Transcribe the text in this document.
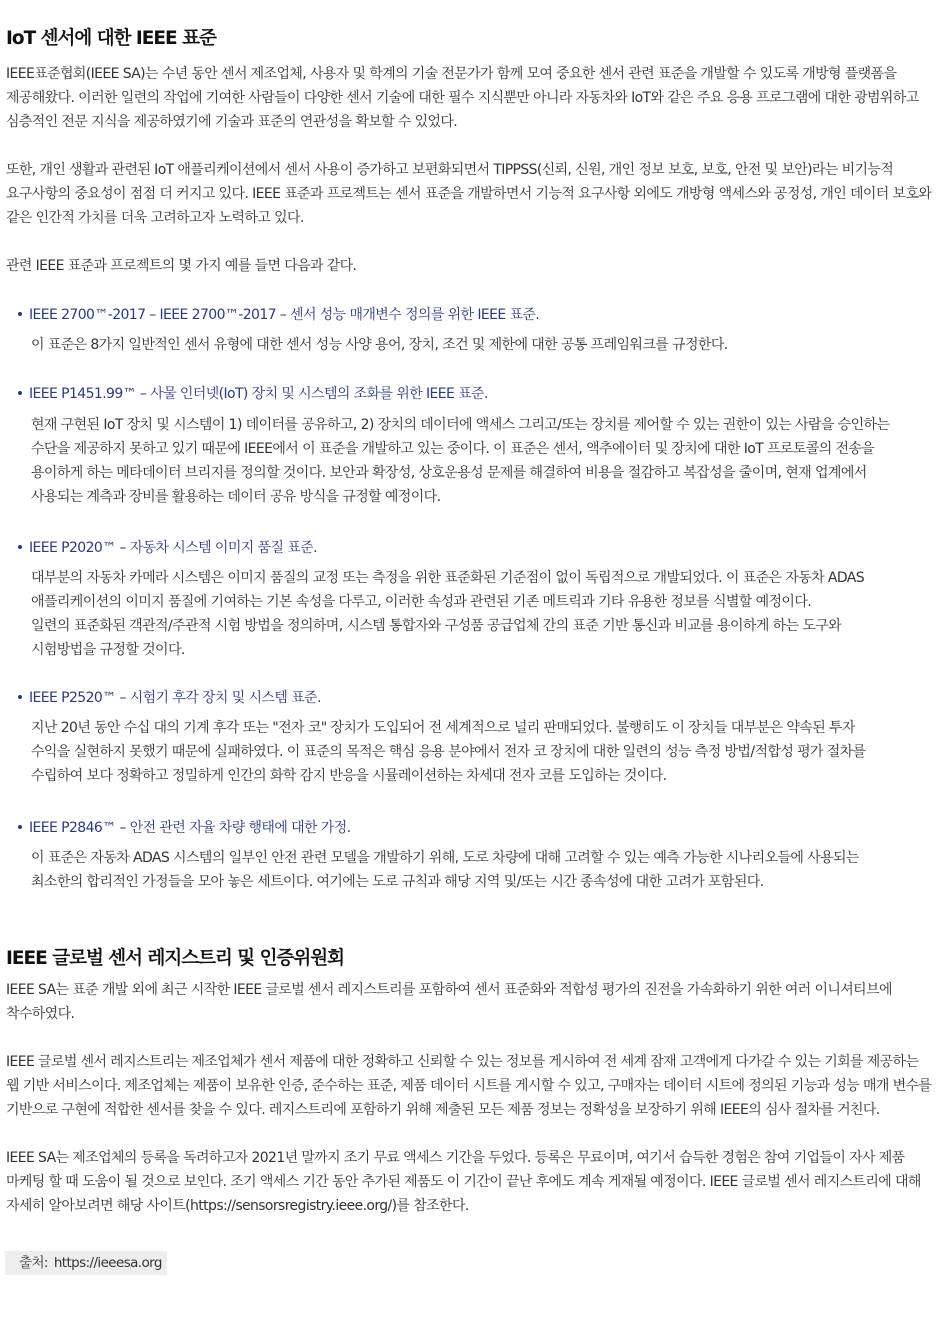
IoT 센서에 대한 IEEE 표준

IEEE표준협회(IEEE SA)는 수년 동안 센서 제조업체, 사용자 및 학계의 기술 전문가가 함께 모여 중요한 센서 관련 표준을 개발할 수 있도록 개방형 플랫폼을
제공해왔다. 이러한 일련의 작업에 기여한 사람들이 다양한 센서 기술에 대한 필수 지식뿐만 아니라 자동차와 IoT와 같은 주요 응용 프로그램에 대한 광범위하고
심층적인 전문 지식을 제공하였기에 기술과 표준의 연관성을 확보할 수 있었다.

또한, 개인 생활과 관련된 IoT 애플리케이션에서 센서 사용이 증가하고 보편화되면서 TIPPSS(신뢰, 신원, 개인 정보 보호, 보호, 안전 및 보안)라는 비기능적
요구사항의 중요성이 점점 더 커지고 있다. IEEE 표준과 프로젝트는 센서 표준을 개발하면서 기능적 요구사항 외에도 개방형 액세스와 공정성, 개인 데이터 보호와
같은 인간적 가치를 더욱 고려하고자 노력하고 있다.

관련 IEEE 표준과 프로젝트의 몇 가지 예를 들면 다음과 같다.

IEEE 2700™-2017 – IEEE 2700™-2017 – 센서 성능 매개변수 정의를 위한 IEEE 표준.

이 표준은 8가지 일반적인 센서 유형에 대한 센서 성능 사양 용어, 장치, 조건 및 제한에 대한 공통 프레임워크를 규정한다.

IEEE P1451.99™ – 사물 인터넷(IoT) 장치 및 시스템의 조화를 위한 IEEE 표준.

현재 구현된 IoT 장치 및 시스템이 1) 데이터를 공유하고, 2) 장치의 데이터에 액세스 그리고/또는 장치를 제어할 수 있는 권한이 있는 사람을 승인하는
수단을 제공하지 못하고 있기 때문에 IEEE에서 이 표준을 개발하고 있는 중이다. 이 표준은 센서, 액추에이터 및 장치에 대한 IoT 프로토콜의 전송을
용이하게 하는 메타데이터 브리지를 정의할 것이다. 보안과 확장성, 상호운용성 문제를 해결하여 비용을 절감하고 복잡성을 줄이며, 현재 업계에서
사용되는 계측과 장비를 활용하는 데이터 공유 방식을 규정할 예정이다.

IEEE P2020™ – 자동차 시스템 이미지 품질 표준.

대부분의 자동차 카메라 시스템은 이미지 품질의 교정 또는 측정을 위한 표준화된 기준점이 없이 독립적으로 개발되었다. 이 표준은 자동차 ADAS
애플리케이션의 이미지 품질에 기여하는 기본 속성을 다루고, 이러한 속성과 관련된 기존 메트릭과 기타 유용한 정보를 식별할 예정이다.
일련의 표준화된 객관적/주관적 시험 방법을 정의하며, 시스템 통합자와 구성품 공급업체 간의 표준 기반 통신과 비교를 용이하게 하는 도구와
시험방법을 규정할 것이다.

IEEE P2520™ – 시험기 후각 장치 및 시스템 표준.

지난 20년 동안 수십 대의 기계 후각 또는 "전자 코" 장치가 도입되어 전 세계적으로 널리 판매되었다. 불행히도 이 장치들 대부분은 약속된 투자
수익을 실현하지 못했기 때문에 실패하였다. 이 표준의 목적은 핵심 응용 분야에서 전자 코 장치에 대한 일련의 성능 측정 방법/적합성 평가 절차를
수립하여 보다 정확하고 정밀하게 인간의 화학 감지 반응을 시뮬레이션하는 차세대 전자 코를 도입하는 것이다.

IEEE P2846™ – 안전 관련 자율 차량 행태에 대한 가정.

이 표준은 자동차 ADAS 시스템의 일부인 안전 관련 모델을 개발하기 위해, 도로 차량에 대해 고려할 수 있는 예측 가능한 시나리오들에 사용되는
최소한의 합리적인 가정들을 모아 놓은 세트이다. 여기에는 도로 규칙과 해당 지역 및/또는 시간 종속성에 대한 고려가 포함된다.

IEEE 글로벌 센서 레지스트리 및 인증위원회

IEEE SA는 표준 개발 외에 최근 시작한 IEEE 글로벌 센서 레지스트리를 포함하여 센서 표준화와 적합성 평가의 진전을 가속화하기 위한 여러 이니셔티브에
착수하였다.

IEEE 글로벌 센서 레지스트리는 제조업체가 센서 제품에 대한 정확하고 신뢰할 수 있는 정보를 게시하여 전 세계 잠재 고객에게 다가갈 수 있는 기회를 제공하는
웹 기반 서비스이다. 제조업체는 제품이 보유한 인증, 준수하는 표준, 제품 데이터 시트를 게시할 수 있고, 구매자는 데이터 시트에 정의된 기능과 성능 매개 변수를
기반으로 구현에 적합한 센서를 찾을 수 있다. 레지스트리에 포함하기 위해 제출된 모든 제품 정보는 정확성을 보장하기 위해 IEEE의 심사 절차를 거친다.

IEEE SA는 제조업체의 등록을 독려하고자 2021년 말까지 조기 무료 액세스 기간을 두었다. 등록은 무료이며, 여기서 습득한 경험은 참여 기업들이 자사 제품
마케팅 할 때 도움이 될 것으로 보인다. 조기 액세스 기간 동안 추가된 제품도 이 기간이 끝난 후에도 계속 게재될 예정이다. IEEE 글로벌 센서 레지스트리에 대해
자세히 알아보려면 해당 사이트(https://sensorsregistry.ieee.org/)를 참조한다.

출처: https://ieeesa.org
